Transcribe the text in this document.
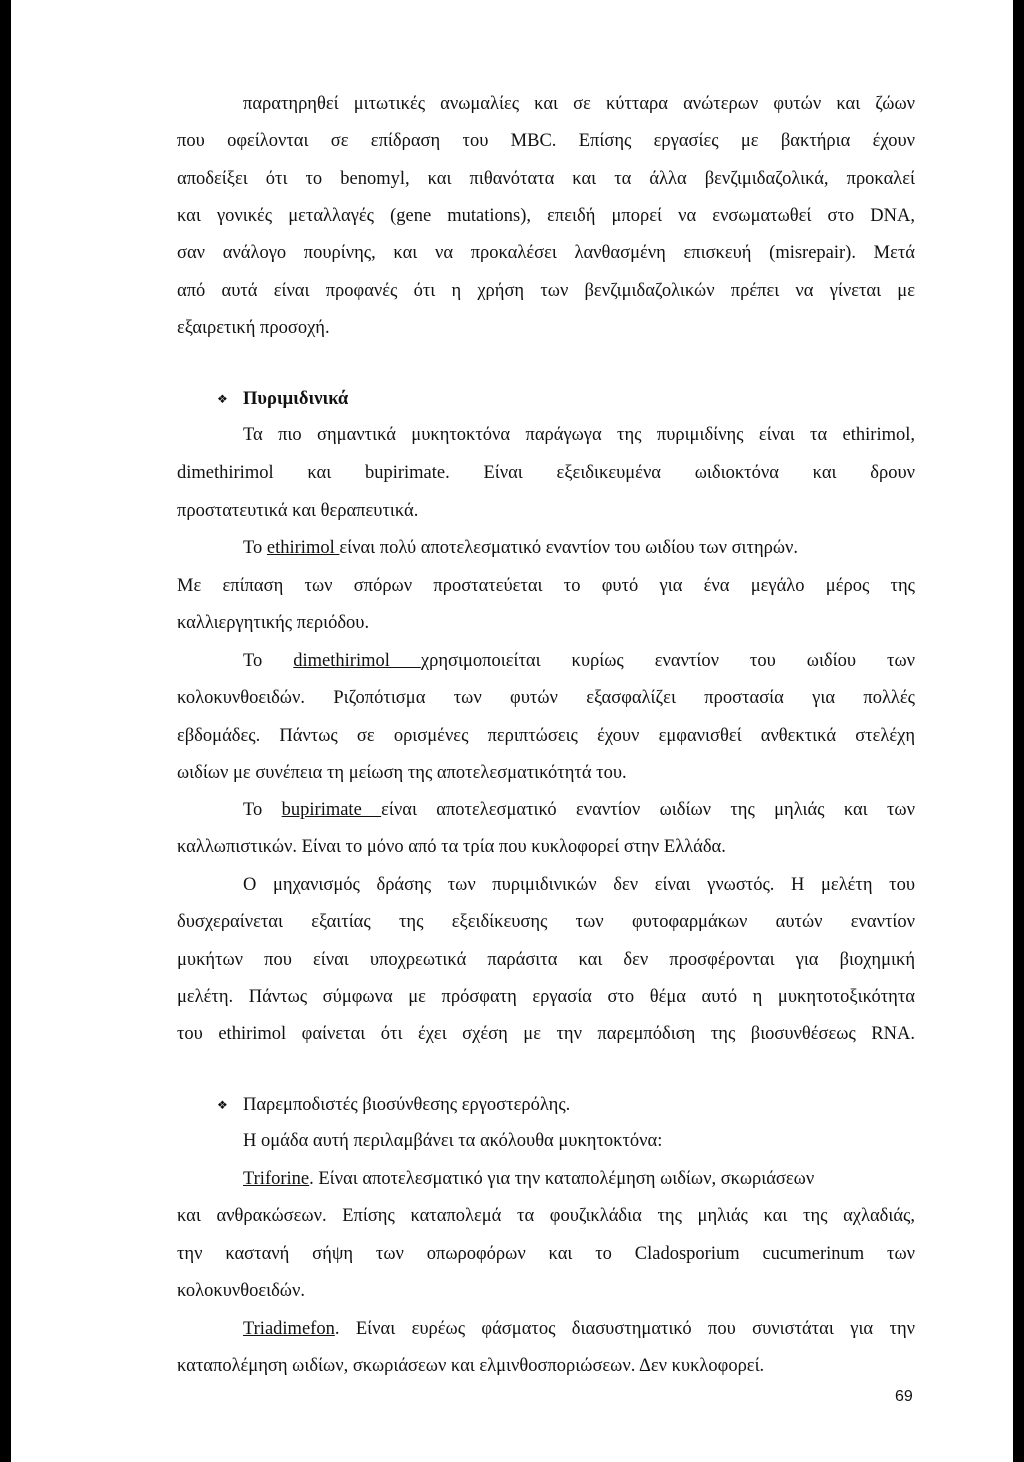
παρατηρηθεί μιτωτικές ανωμαλίες και σε κύτταρα ανώτερων φυτών και ζώων
που οφείλονται σε επίδραση του MBC. Επίσης εργασίες με βακτήρια έχουν
αποδείξει ότι το benomyl, και πιθανότατα και τα άλλα βενζιμιδαζολικά, προκαλεί
και γονικές μεταλλαγές (gene mutations), επειδή μπορεί να ενσωματωθεί στο DNA,
σαν ανάλογο πουρίνης, και να προκαλέσει λανθασμένη επισκευή (misrepair). Μετά
από αυτά είναι προφανές ότι η χρήση των βενζιμιδαζολικών πρέπει να γίνεται με
εξαιρετική προσοχή.
❖ Πυριμιδινικά
Τα πιο σημαντικά μυκητοκτόνα παράγωγα της πυριμιδίνης είναι τα ethirimol,
dimethirimol και bupirimate. Είναι εξειδικευμένα ωιδιοκτόνα και δρουν
προστατευτικά και θεραπευτικά.
Το ethirimol είναι πολύ αποτελεσματικό εναντίον του ωιδίου των σιτηρών.
Με επίπαση των σπόρων προστατεύεται το φυτό για ένα μεγάλο μέρος της
καλλιεργητικής περιόδου.
Το dimethirimol χρησιμοποιείται κυρίως εναντίον του ωιδίου των
κολοκυνθοειδών. Ριζοπότισμα των φυτών εξασφαλίζει προστασία για πολλές
εβδομάδες. Πάντως σε ορισμένες περιπτώσεις έχουν εμφανισθεί ανθεκτικά στελέχη
ωιδίων με συνέπεια τη μείωση της αποτελεσματικότητά του.
Το bupirimate είναι αποτελεσματικό εναντίον ωιδίων της μηλιάς και των
καλλωπιστικών. Είναι το μόνο από τα τρία που κυκλοφορεί στην Ελλάδα.
Ο μηχανισμός δράσης των πυριμιδινικών δεν είναι γνωστός. Η μελέτη του
δυσχεραίνεται εξαιτίας της εξειδίκευσης των φυτοφαρμάκων αυτών εναντίον
μυκήτων που είναι υποχρεωτικά παράσιτα και δεν προσφέρονται για βιοχημική
μελέτη. Πάντως σύμφωνα με πρόσφατη εργασία στο θέμα αυτό η μυκητοτοξικότητα
του ethirimol φαίνεται ότι έχει σχέση με την παρεμπόδιση της βιοσυνθέσεως RNA.
❖ Παρεμποδιστές βιοσύνθεσης εργοστερόλης.
Η ομάδα αυτή περιλαμβάνει τα ακόλουθα μυκητοκτόνα:
Triforine. Είναι αποτελεσματικό για την καταπολέμηση ωιδίων, σκωριάσεων
και ανθρακώσεων. Επίσης καταπολεμά τα φουζικλάδια της μηλιάς και της αχλαδιάς,
την καστανή σήψη των οπωροφόρων και το Cladosporium cucumerinum των
κολοκυνθοειδών.
Triadimefon. Είναι ευρέως φάσματος διασυστηματικό που συνιστάται για την
καταπολέμηση ωιδίων, σκωριάσεων και ελμινθοσποριώσεων. Δεν κυκλοφορεί.
69
